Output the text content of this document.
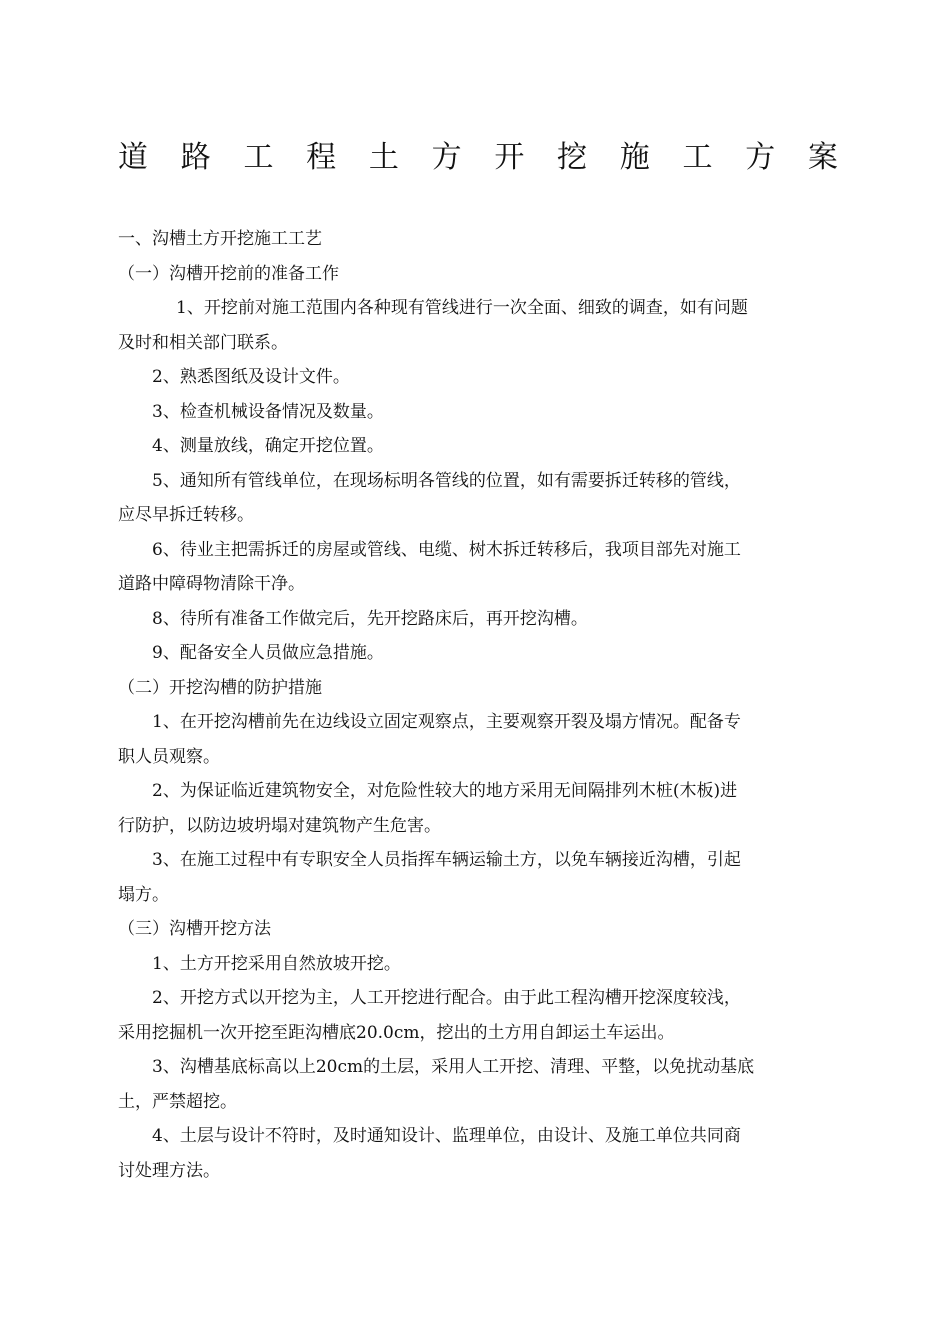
道 路 工 程 土 方 开 挖 施 工 方 案
一、沟槽土方开挖施工工艺
（一）沟槽开挖前的准备工作
1、开挖前对施工范围内各种现有管线进行一次全面、细致的调查，如有问题
及时和相关部门联系。
2、熟悉图纸及设计文件。
3、检查机械设备情况及数量。
4、测量放线，确定开挖位置。
5、通知所有管线单位，在现场标明各管线的位置，如有需要拆迁转移的管线，
应尽早拆迁转移。
6、待业主把需拆迁的房屋或管线、电缆、树木拆迁转移后，我项目部先对施工
道路中障碍物清除干净。
8、待所有准备工作做完后，先开挖路床后，再开挖沟槽。
9、配备安全人员做应急措施。
（二）开挖沟槽的防护措施
1、在开挖沟槽前先在边线设立固定观察点，主要观察开裂及塌方情况。配备专
职人员观察。
2、为保证临近建筑物安全，对危险性较大的地方采用无间隔排列木桩(木板)进
行防护，以防边坡坍塌对建筑物产生危害。
3、在施工过程中有专职安全人员指挥车辆运输土方，以免车辆接近沟槽，引起
塌方。
（三）沟槽开挖方法
1、土方开挖采用自然放坡开挖。
2、开挖方式以开挖为主，人工开挖进行配合。由于此工程沟槽开挖深度较浅，
采用挖掘机一次开挖至距沟槽底20.0cm，挖出的土方用自卸运土车运出。
3、沟槽基底标高以上20cm的土层，采用人工开挖、清理、平整，以免扰动基底
土，严禁超挖。
4、土层与设计不符时，及时通知设计、监理单位，由设计、及施工单位共同商
讨处理方法。
